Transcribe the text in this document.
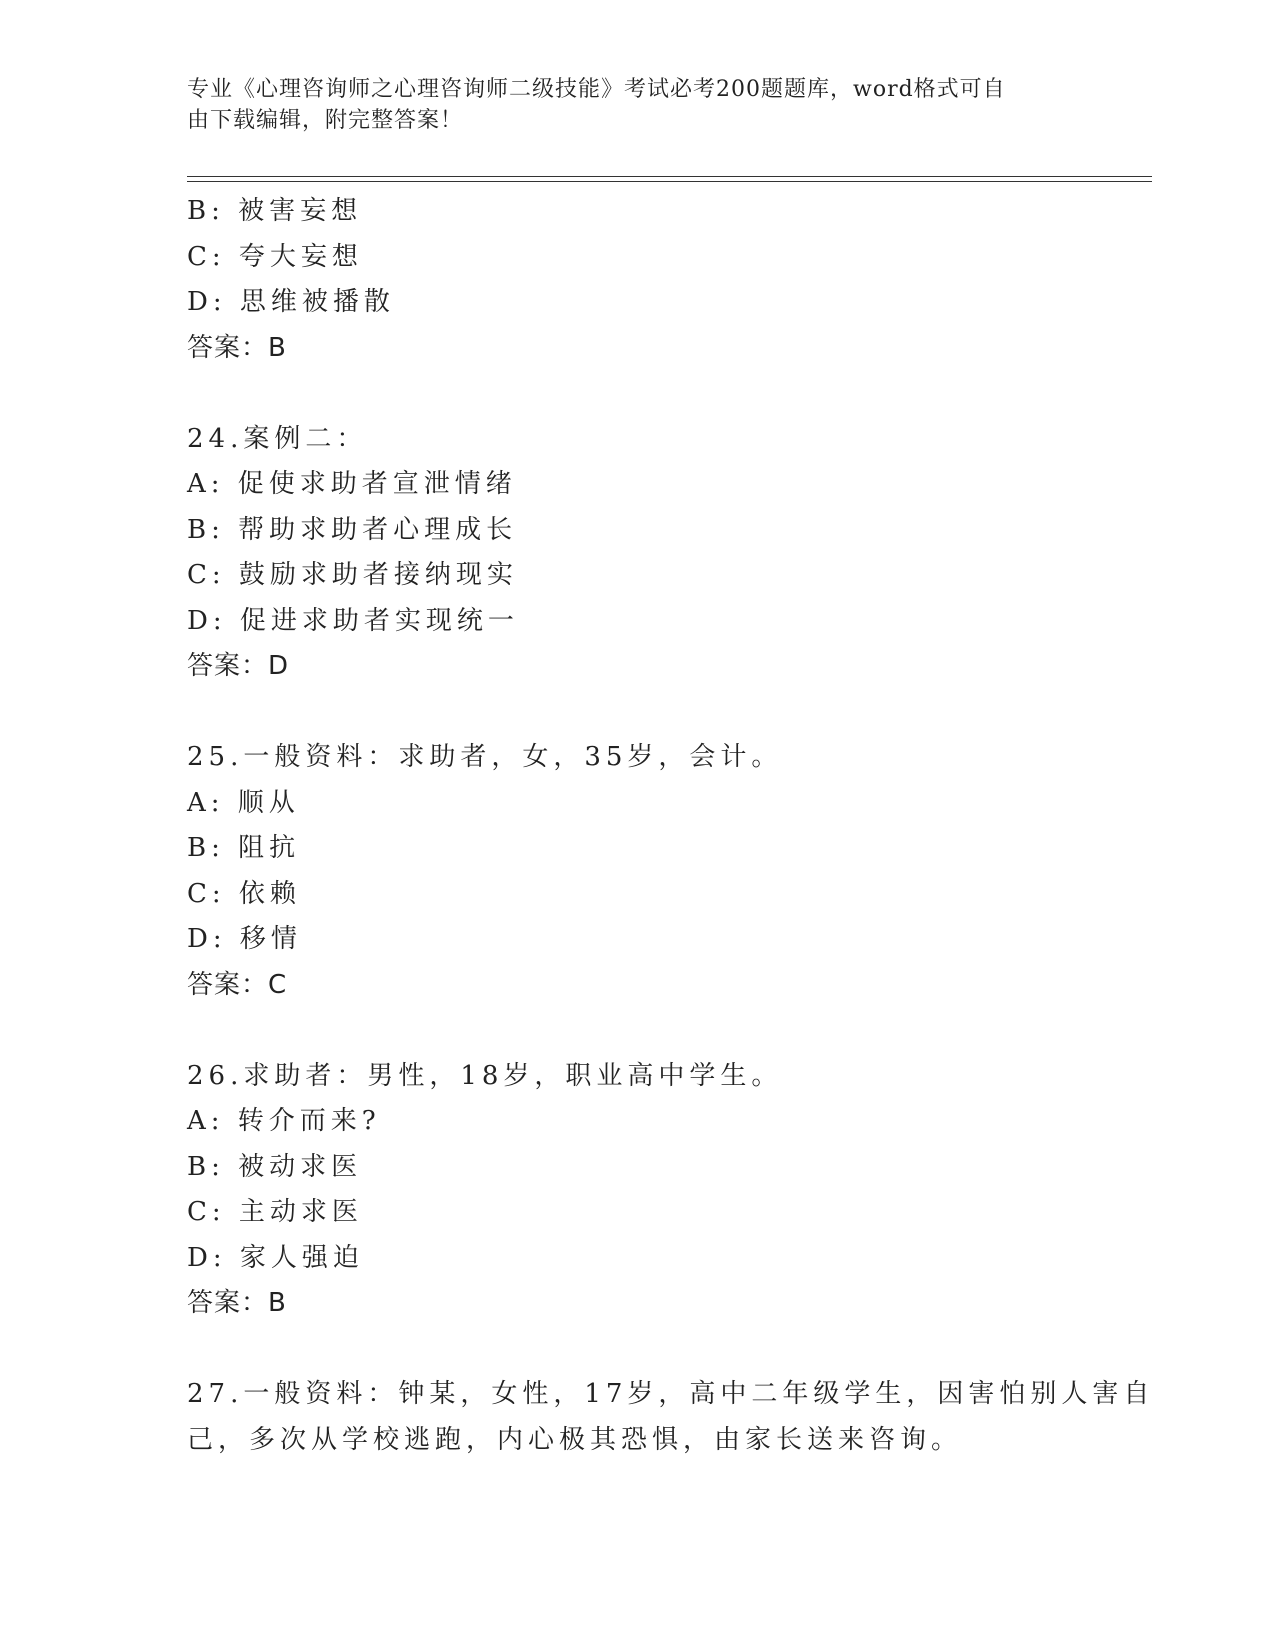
专业《心理咨询师之心理咨询师二级技能》考试必考200题题库，word格式可自
由下载编辑，附完整答案！
B: 被害妄想
C: 夸大妄想
D: 思维被播散
答案：B
24.案例二：
A: 促使求助者宣泄情绪
B: 帮助求助者心理成长
C: 鼓励求助者接纳现实
D: 促进求助者实现统一
答案：D
25.一般资料：求助者，女，35岁，会计。
A: 顺从
B: 阻抗
C: 依赖
D: 移情
答案：C
26.求助者：男性，18岁，职业高中学生。
A: 转介而来?
B: 被动求医
C: 主动求医
D: 家人强迫
答案：B
27.一般资料：钟某，女性，17岁，高中二年级学生，因害怕别人害自
己，多次从学校逃跑，内心极其恐惧，由家长送来咨询。
